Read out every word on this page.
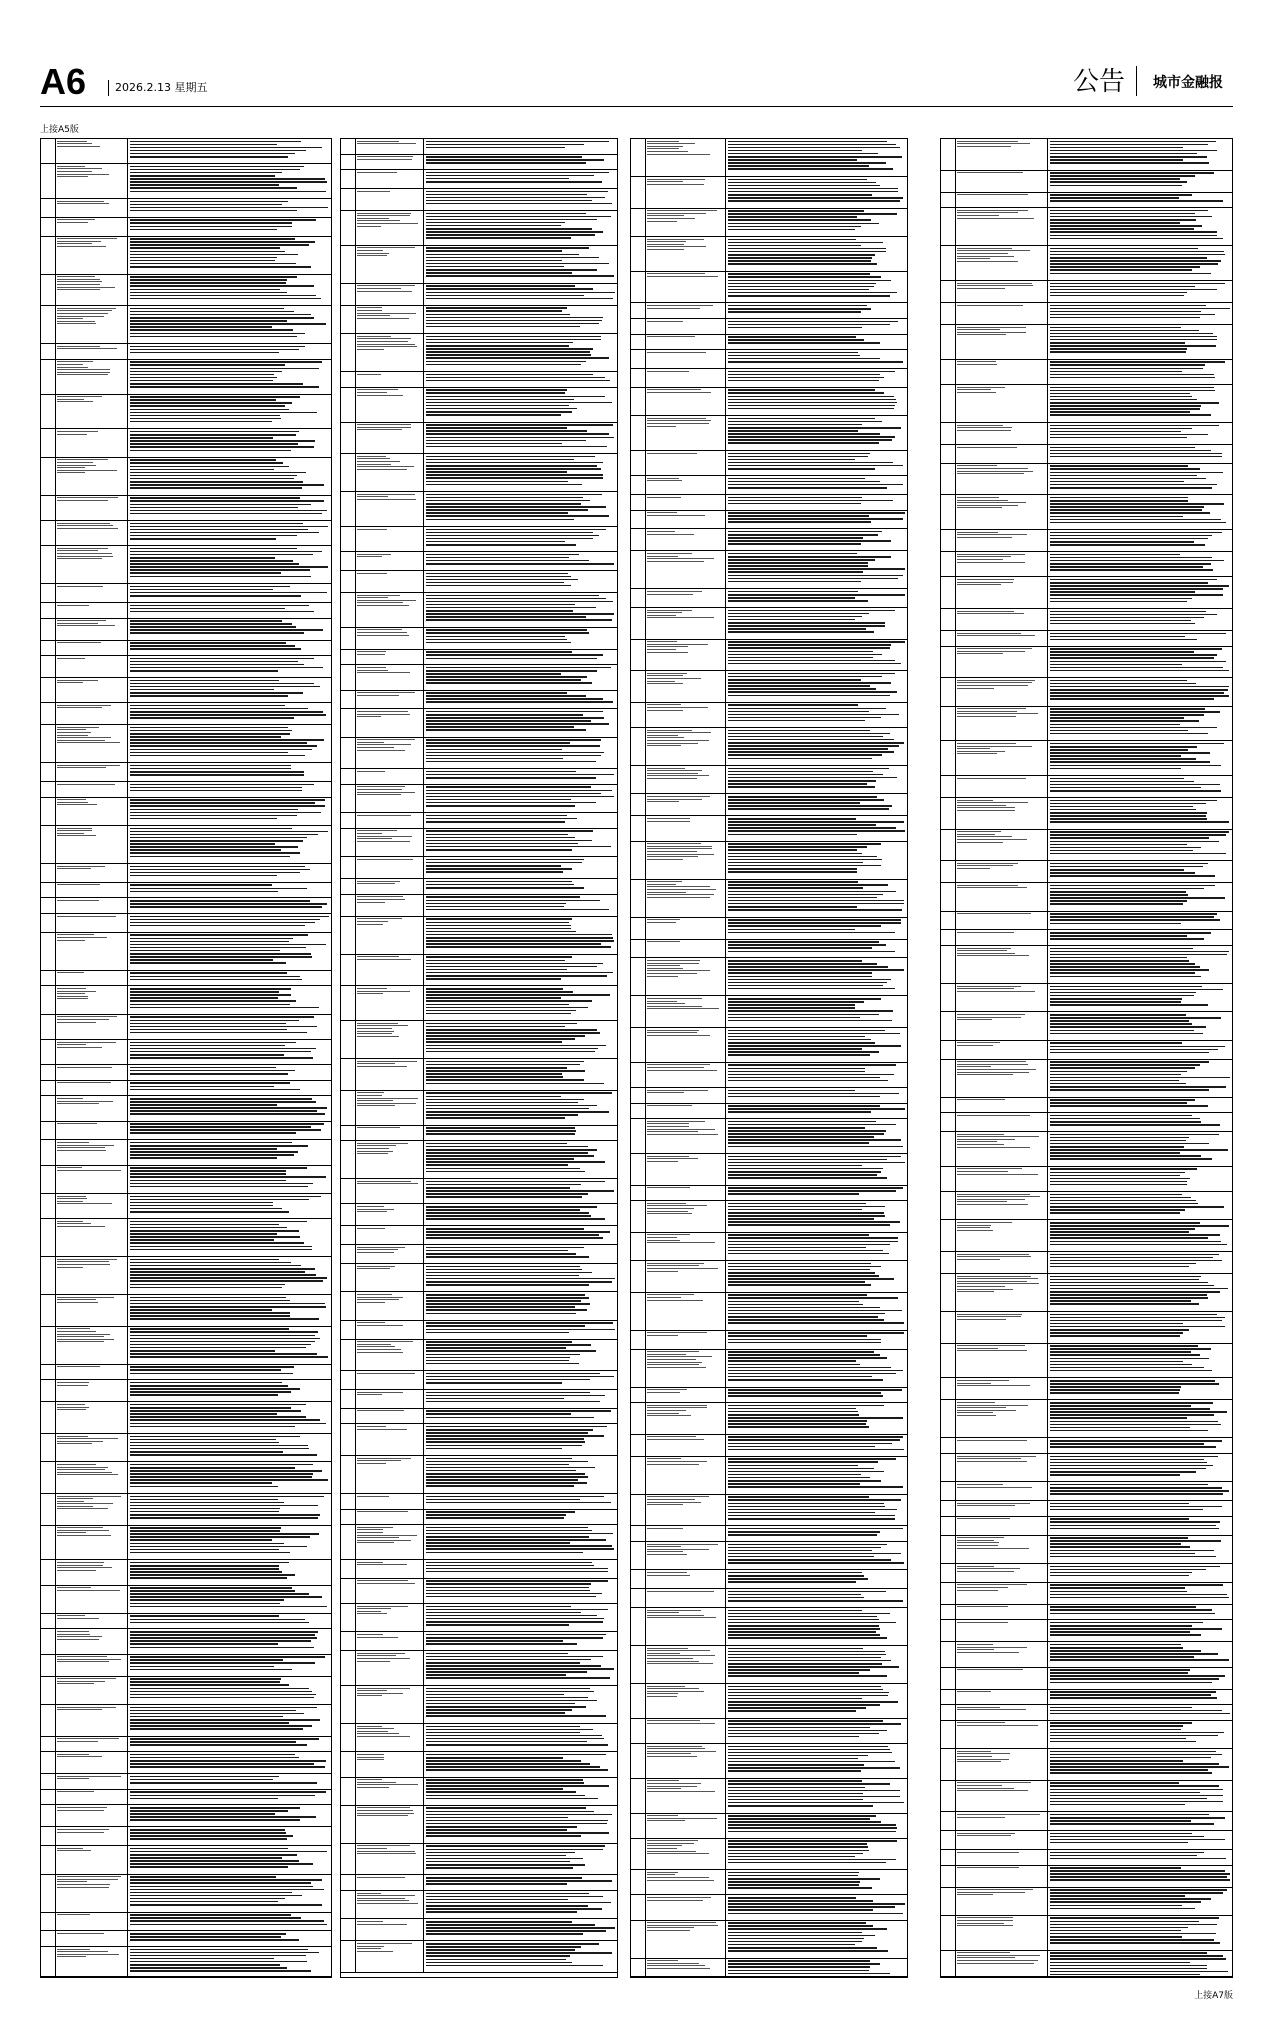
A6	2026.2.13 星期五	公告 城市金融报
上接A5版
上接A7版
